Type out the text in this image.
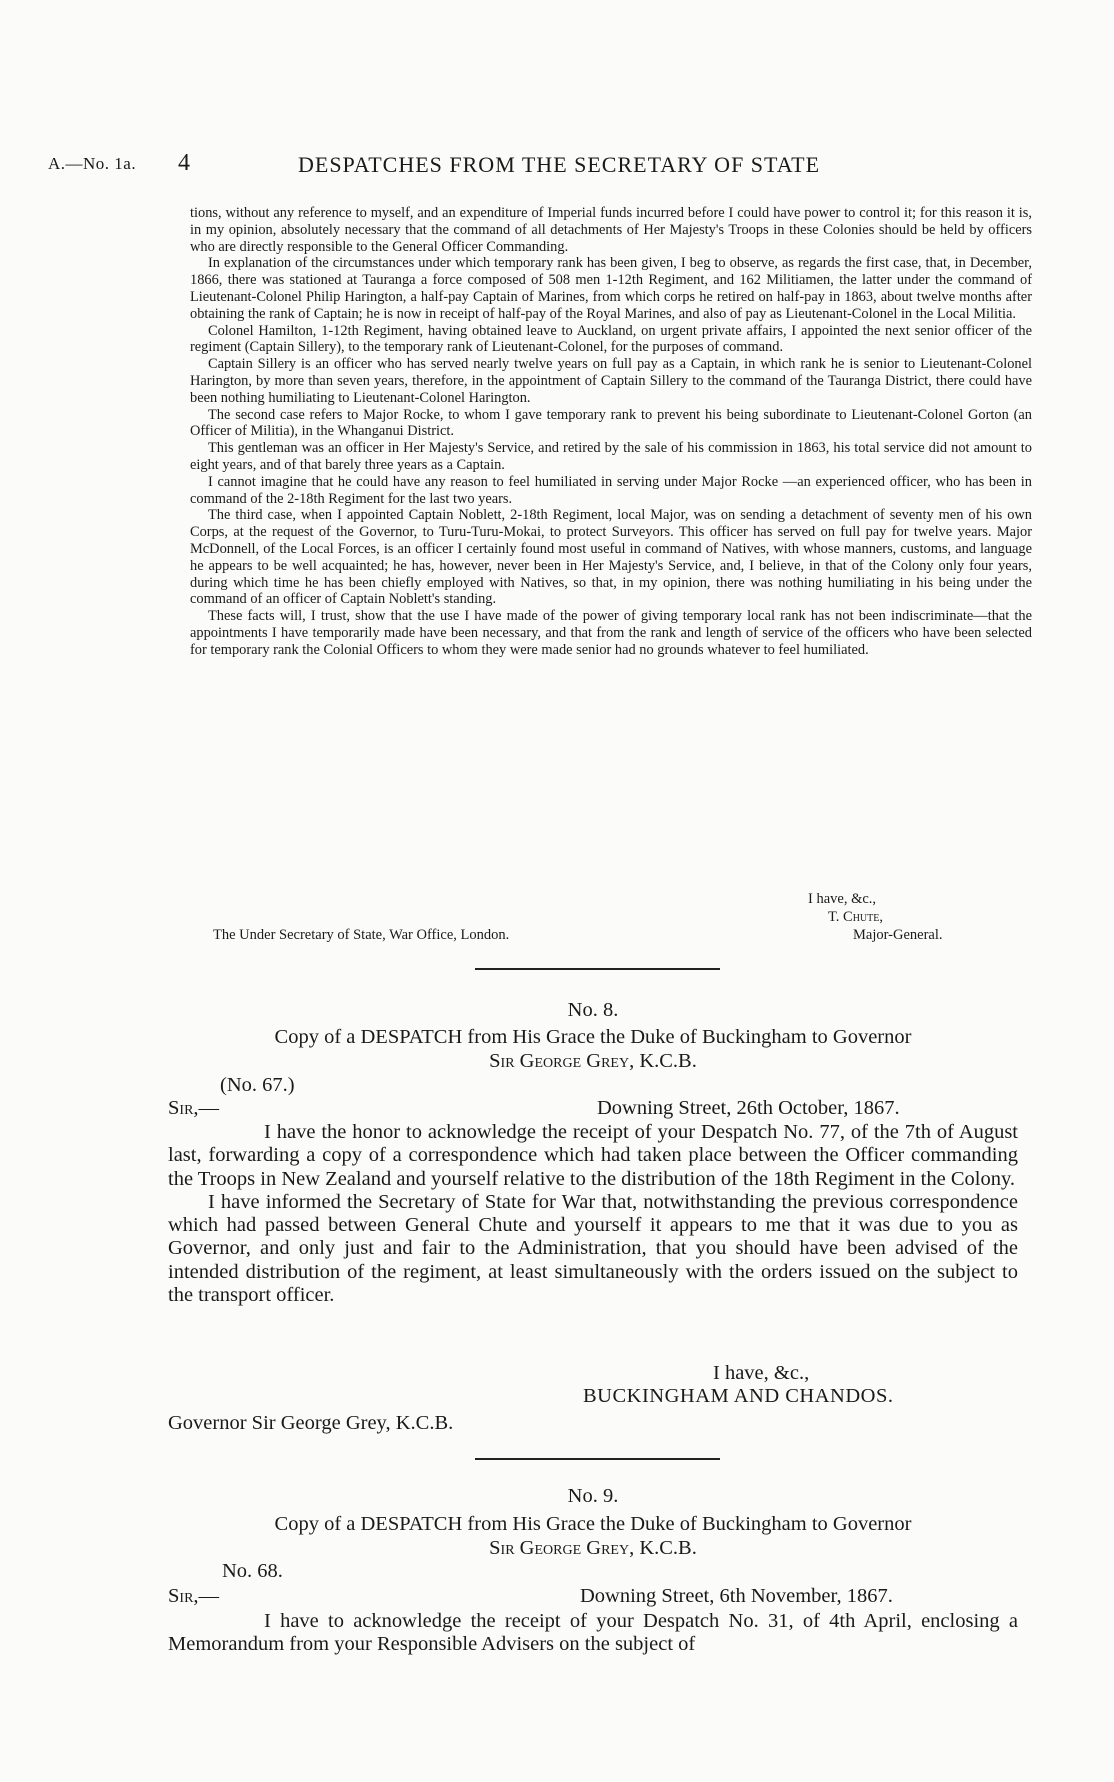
A.—No. 1a. 4	DESPATCHES FROM THE SECRETARY OF STATE

tions, without any reference to myself, and an expenditure of Imperial funds incurred before I could have power to control it; for this reason it is, in my opinion, absolutely necessary that the command of all detachments of Her Majesty's Troops in these Colonies should be held by officers who are directly responsible to the General Officer Commanding.

In explanation of the circumstances under which temporary rank has been given, I beg to observe, as regards the first case, that, in December, 1866, there was stationed at Tauranga a force composed of 508 men 1-12th Regiment, and 162 Militiamen, the latter under the command of Lieutenant-Colonel Philip Harington, a half-pay Captain of Marines, from which corps he retired on half-pay in 1863, about twelve months after obtaining the rank of Captain; he is now in receipt of half-pay of the Royal Marines, and also of pay as Lieutenant-Colonel in the Local Militia.

Colonel Hamilton, 1-12th Regiment, having obtained leave to Auckland, on urgent private affairs, I appointed the next senior officer of the regiment (Captain Sillery), to the temporary rank of Lieutenant-Colonel, for the purposes of command.

Captain Sillery is an officer who has served nearly twelve years on full pay as a Captain, in which rank he is senior to Lieutenant-Colonel Harington, by more than seven years, therefore, in the appointment of Captain Sillery to the command of the Tauranga District, there could have been nothing humiliating to Lieutenant-Colonel Harington.

The second case refers to Major Rocke, to whom I gave temporary rank to prevent his being subordinate to Lieutenant-Colonel Gorton (an Officer of Militia), in the Whanganui District.

This gentleman was an officer in Her Majesty's Service, and retired by the sale of his commission in 1863, his total service did not amount to eight years, and of that barely three years as a Captain.

I cannot imagine that he could have any reason to feel humiliated in serving under Major Rocke —an experienced officer, who has been in command of the 2-18th Regiment for the last two years.

The third case, when I appointed Captain Noblett, 2-18th Regiment, local Major, was on sending a detachment of seventy men of his own Corps, at the request of the Governor, to Turu-Turu-Mokai, to protect Surveyors. This officer has served on full pay for twelve years. Major McDonnell, of the Local Forces, is an officer I certainly found most useful in command of Natives, with whose manners, customs, and language he appears to be well acquainted; he has, however, never been in Her Majesty's Service, and, I believe, in that of the Colony only four years, during which time he has been chiefly employed with Natives, so that, in my opinion, there was nothing humiliating in his being under the command of an officer of Captain Noblett's standing.

These facts will, I trust, show that the use I have made of the power of giving temporary local rank has not been indiscriminate—that the appointments I have temporarily made have been necessary, and that from the rank and length of service of the officers who have been selected for temporary rank the Colonial Officers to whom they were made senior had no grounds whatever to feel humiliated.

I have, &c.,
T. Chute,
The Under Secretary of State, War Office, London.	Major-General.
No. 8.
Copy of a DESPATCH from His Grace the Duke of Buckingham to Governor
Sir George Grey, K.C.B.
(No. 67.)
Sir,—	Downing Street, 26th October, 1867.

I have the honor to acknowledge the receipt of your Despatch No. 77, of the 7th of August last, forwarding a copy of a correspondence which had taken place between the Officer commanding the Troops in New Zealand and yourself relative to the distribution of the 18th Regiment in the Colony.

I have informed the Secretary of State for War that, notwithstanding the previous correspondence which had passed between General Chute and yourself it appears to me that it was due to you as Governor, and only just and fair to the Administration, that you should have been advised of the intended distribution of the regiment, at least simultaneously with the orders issued on the subject to the transport officer.

I have, &c.,
BUCKINGHAM AND CHANDOS.
Governor Sir George Grey, K.C.B.
No. 9.
Copy of a DESPATCH from His Grace the Duke of Buckingham to Governor
Sir George Grey, K.C.B.
No. 68.
Sir,—	Downing Street, 6th November, 1867.

I have to acknowledge the receipt of your Despatch No. 31, of 4th April, enclosing a Memorandum from your Responsible Advisers on the subject of
